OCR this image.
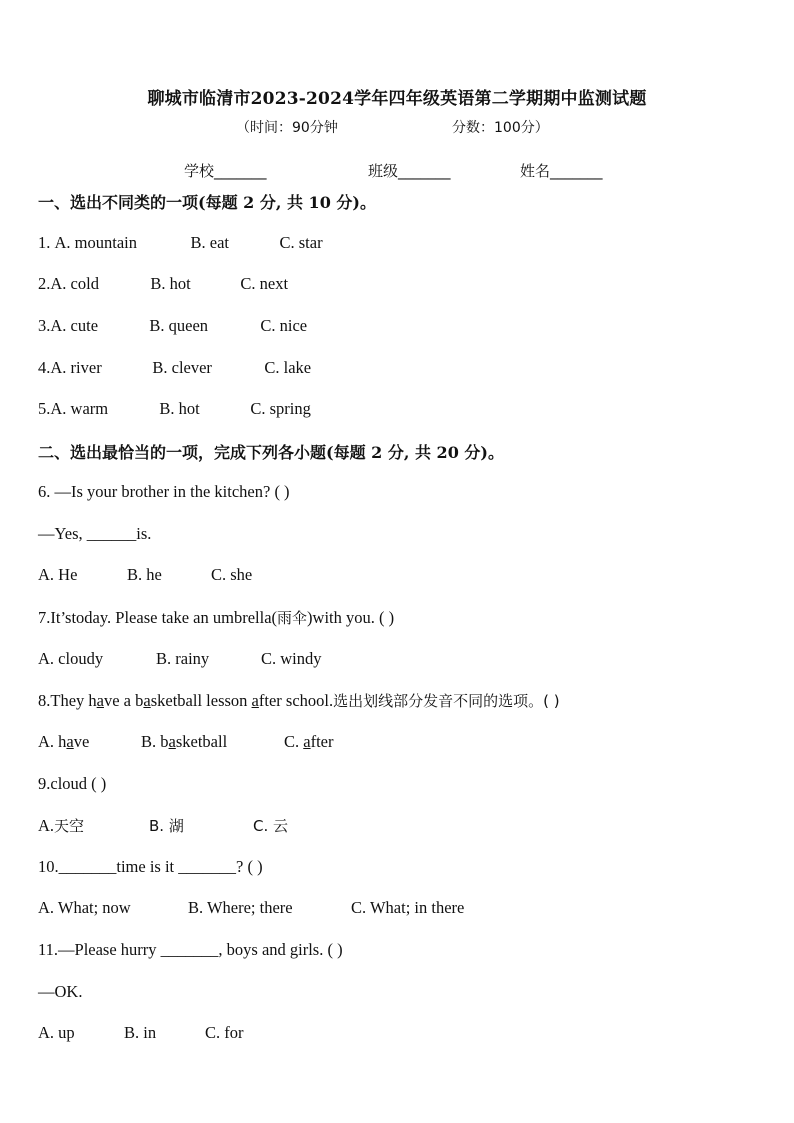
聊城市临清市2023-2024学年四年级英语第二学期期中监测试题
（时间：90分钟	分数：100分）
学校_______	班级_______	姓名_______
一、选出不同类的一项(每题 2 分, 共 10 分)。
1. A. mountain	B. eat	C. star
2.A. cold	B. hot	C. next
3.A. cute	B. queen	C. nice
4.A. river	B. clever	C. lake
5.A. warm	B. hot	C. spring
二、选出最恰当的一项，完成下列各小题(每题 2 分, 共 20 分)。
6. —Is your brother in the kitchen? ( )
—Yes, ______is.
A. He	B. he	C. she
7.It’stoday. Please take an umbrella(雨伞)with you. ( )
A. cloudy	B. rainy	C. windy
8.They have a basketball lesson after school.选出划线部分发音不同的选项。( )
A. have	B. basketball	C. after
9.cloud ( )
A.天空	B. 湖	C. 云
10._______time is it _______? ( )
A. What; now	B. Where; there	C. What; in there
11.—Please hurry _______, boys and girls. ( )
—OK.
A. up	B. in	C. for
